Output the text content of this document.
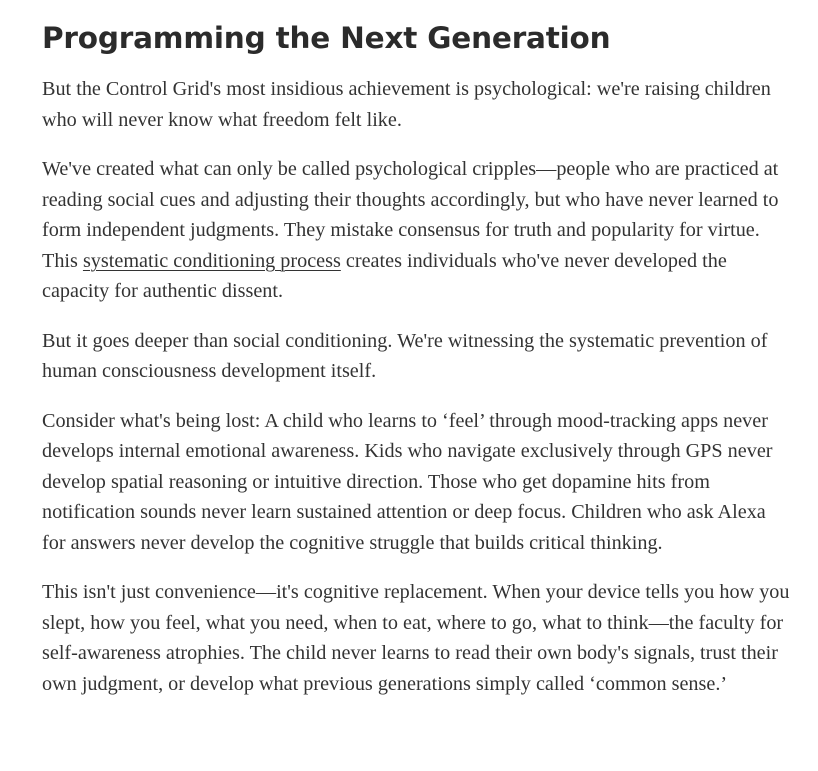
Programming the Next Generation

But the Control Grid's most insidious achievement is psychological: we're raising children who will never know what freedom felt like.

We've created what can only be called psychological cripples—people who are practiced at reading social cues and adjusting their thoughts accordingly, but who have never learned to form independent judgments. They mistake consensus for truth and popularity for virtue. This systematic conditioning process creates individuals who've never developed the capacity for authentic dissent.

But it goes deeper than social conditioning. We're witnessing the systematic prevention of human consciousness development itself.

Consider what's being lost: A child who learns to ‘feel’ through mood-tracking apps never develops internal emotional awareness. Kids who navigate exclusively through GPS never develop spatial reasoning or intuitive direction. Those who get dopamine hits from notification sounds never learn sustained attention or deep focus. Children who ask Alexa for answers never develop the cognitive struggle that builds critical thinking.

This isn't just convenience—it's cognitive replacement. When your device tells you how you slept, how you feel, what you need, when to eat, where to go, what to think—the faculty for self-awareness atrophies. The child never learns to read their own body's signals, trust their own judgment, or develop what previous generations simply called ‘common sense.’
